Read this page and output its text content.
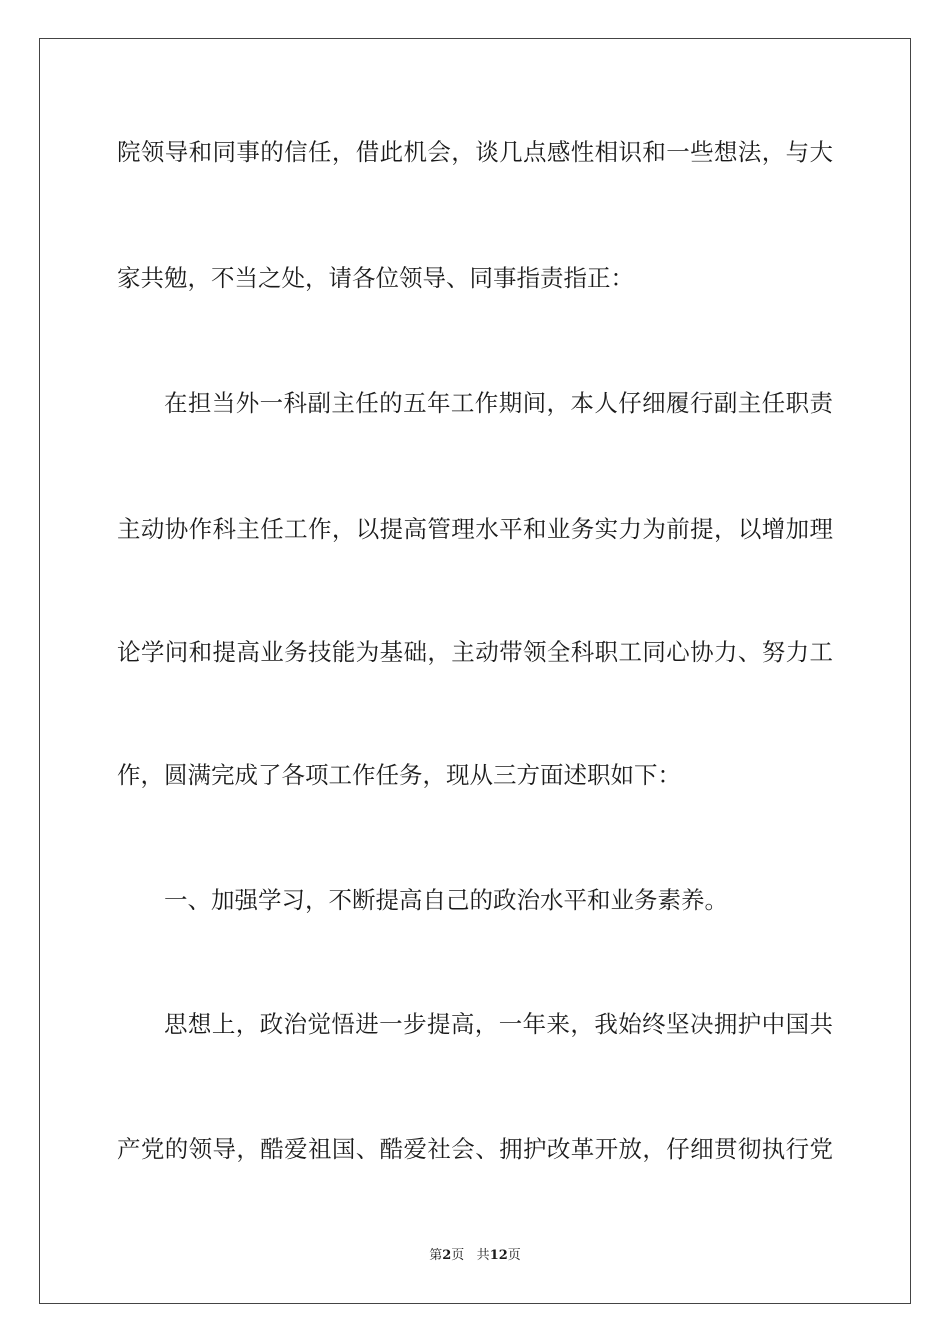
院领导和同事的信任，借此机会，谈几点感性相识和一些想法，与大
家共勉，不当之处，请各位领导、同事指责指正：
在担当外一科副主任的五年工作期间，本人仔细履行副主任职责
主动协作科主任工作，以提高管理水平和业务实力为前提，以增加理
论学问和提高业务技能为基础，主动带领全科职工同心协力、努力工
作，圆满完成了各项工作任务，现从三方面述职如下：
一、加强学习，不断提高自己的政治水平和业务素养。
思想上，政治觉悟进一步提高，一年来，我始终坚决拥护中国共
产党的领导，酷爱祖国、酷爱社会、拥护改革开放，仔细贯彻执行党
第2页 共12页
